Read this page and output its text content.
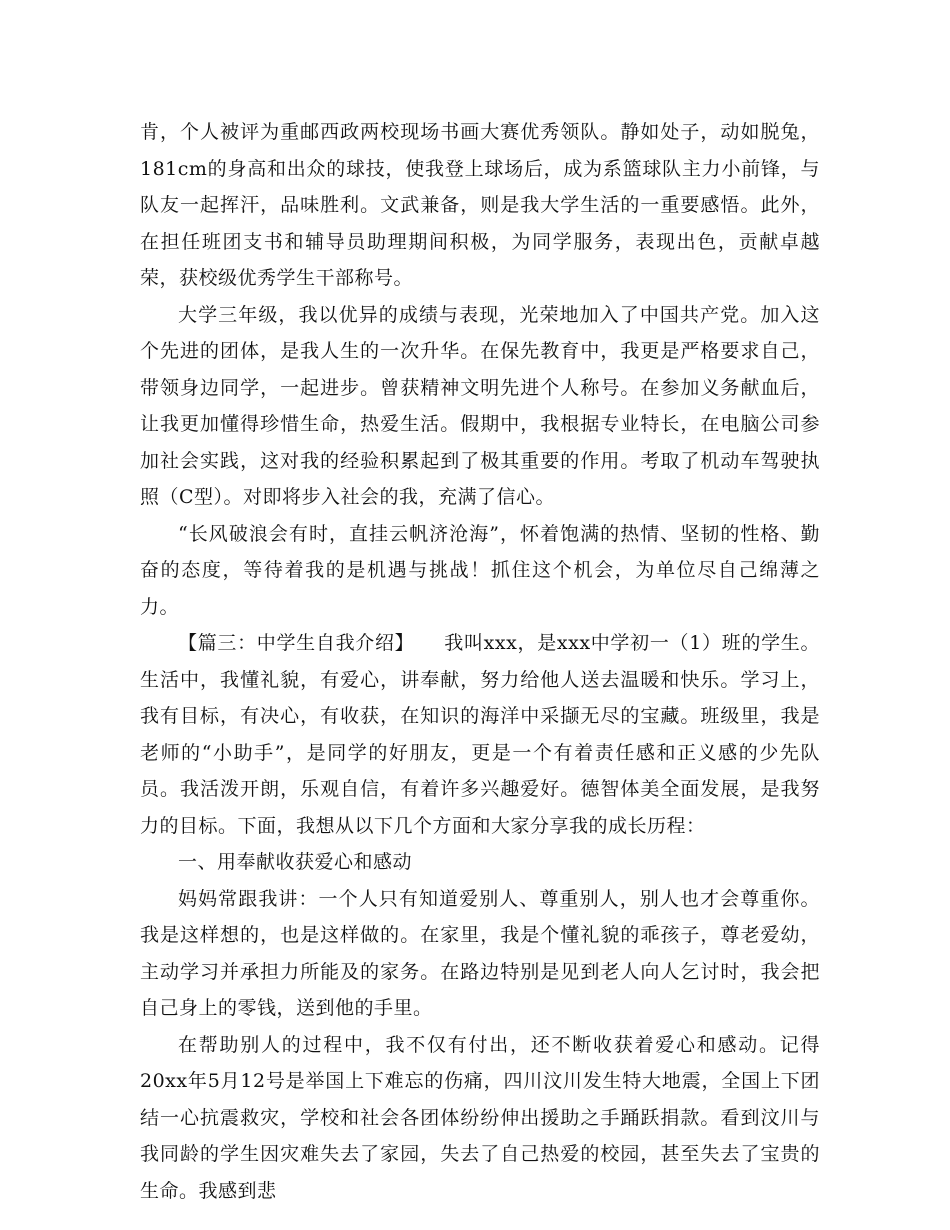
肯，个人被评为重邮西政两校现场书画大赛优秀领队。静如处子，动如脱兔，181cm的身高和出众的球技，使我登上球场后，成为系篮球队主力小前锋，与队友一起挥汗，品味胜利。文武兼备，则是我大学生活的一重要感悟。此外，在担任班团支书和辅导员助理期间积极，为同学服务，表现出色，贡献卓越荣，获校级优秀学生干部称号。

大学三年级，我以优异的成绩与表现，光荣地加入了中国共产党。加入这个先进的团体，是我人生的一次升华。在保先教育中，我更是严格要求自己，带领身边同学，一起进步。曾获精神文明先进个人称号。在参加义务献血后，让我更加懂得珍惜生命，热爱生活。假期中，我根据专业特长，在电脑公司参加社会实践，这对我的经验积累起到了极其重要的作用。考取了机动车驾驶执照（C型）。对即将步入社会的我，充满了信心。

“长风破浪会有时，直挂云帆济沧海”，怀着饱满的热情、坚韧的性格、勤奋的态度，等待着我的是机遇与挑战！抓住这个机会，为单位尽自己绵薄之力。

【篇三：中学生自我介绍】　　我叫xxx，是xxx中学初一（1）班的学生。生活中，我懂礼貌，有爱心，讲奉献，努力给他人送去温暖和快乐。学习上，我有目标，有决心，有收获，在知识的海洋中采撷无尽的宝藏。班级里，我是老师的“小助手”，是同学的好朋友，更是一个有着责任感和正义感的少先队员。我活泼开朗，乐观自信，有着许多兴趣爱好。德智体美全面发展，是我努力的目标。下面，我想从以下几个方面和大家分享我的成长历程：

一、用奉献收获爱心和感动

妈妈常跟我讲：一个人只有知道爱别人、尊重别人，别人也才会尊重你。我是这样想的，也是这样做的。在家里，我是个懂礼貌的乖孩子，尊老爱幼，主动学习并承担力所能及的家务。在路边特别是见到老人向人乞讨时，我会把自己身上的零钱，送到他的手里。

在帮助别人的过程中，我不仅有付出，还不断收获着爱心和感动。记得20xx年5月12号是举国上下难忘的伤痛，四川汶川发生特大地震，全国上下团结一心抗震救灾，学校和社会各团体纷纷伸出援助之手踊跃捐款。看到汶川与我同龄的学生因灾难失去了家园，失去了自己热爱的校园，甚至失去了宝贵的生命。我感到悲
